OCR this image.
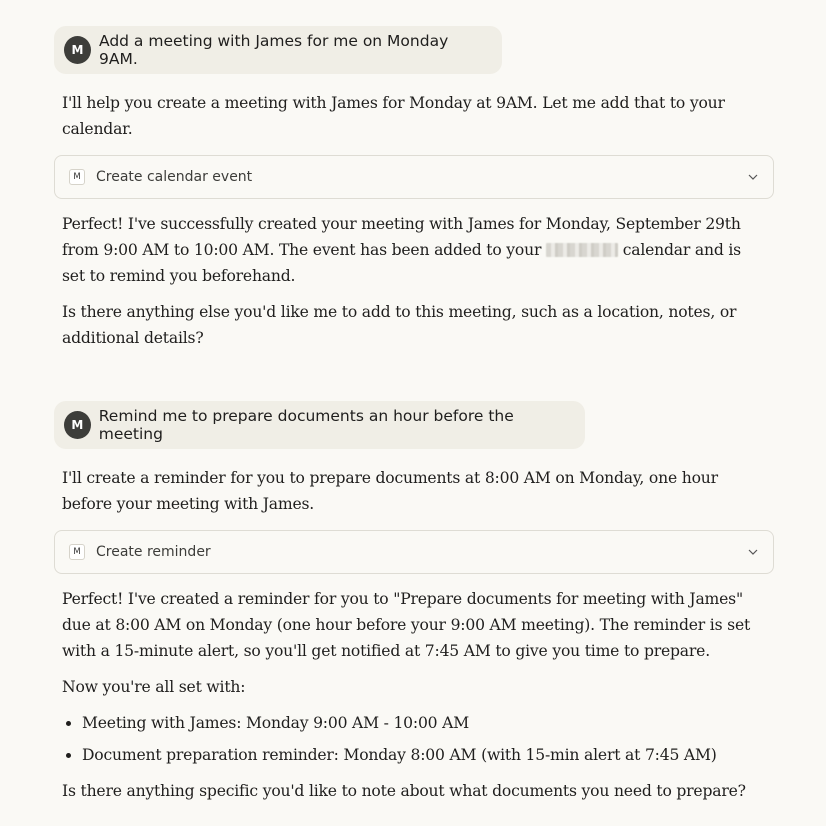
M	Add a meeting with James for me on Monday 9AM.

I'll help you create a meeting with James for Monday at 9AM. Let me add that to your calendar.

M	Create calendar event

Perfect! I've successfully created your meeting with James for Monday, September 29th from 9:00 AM to 10:00 AM. The event has been added to your	calendar and is set to remind you beforehand.

Is there anything else you'd like me to add to this meeting, such as a location, notes, or additional details?

M Remind me to prepare documents an hour before the meeting

I'll create a reminder for you to prepare documents at 8:00 AM on Monday, one hour before your meeting with James.

M	Create reminder

Perfect! I've created a reminder for you to "Prepare documents for meeting with James" due at 8:00 AM on Monday (one hour before your 9:00 AM meeting). The reminder is set with a 15-minute alert, so you'll get notified at 7:45 AM to give you time to prepare.

Now you're all set with:

• Meeting with James: Monday 9:00 AM - 10:00 AM
• Document preparation reminder: Monday 8:00 AM (with 15-min alert at 7:45 AM)

Is there anything specific you'd like to note about what documents you need to prepare?
